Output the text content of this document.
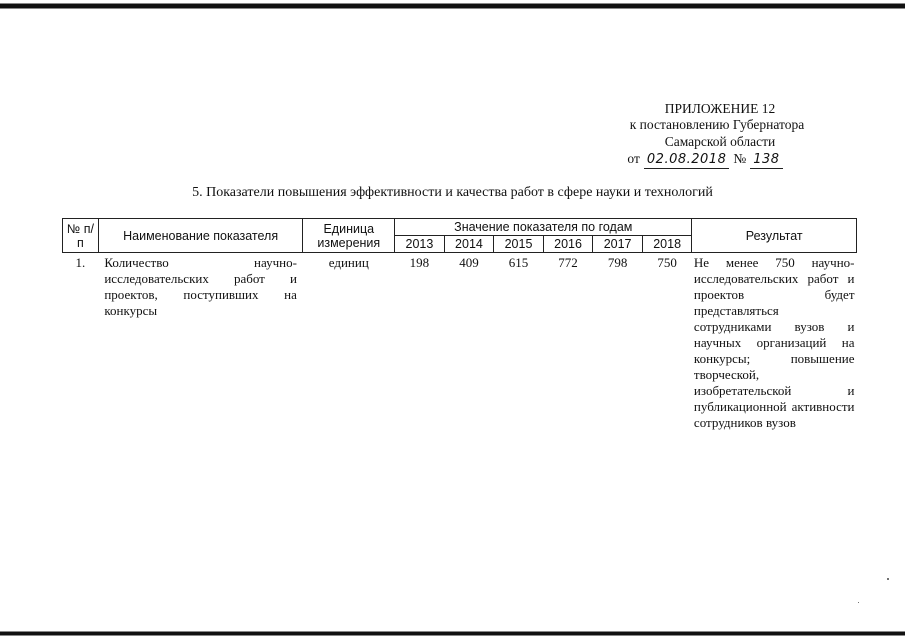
ПРИЛОЖЕНИЕ 12
к постановлению Губернатора
Самарской области
от 02.08.2018 № 138
5. Показатели повышения эффективности и качества работ в сфере науки и технологий
№ п/п	Наименование показателя	Единица измерения	Значение показателя по годам						Результат
			2013	2014	2015	2016	2017	2018	
1.	Количество научно-исследовательских работ и проектов, поступивших на конкурсы	единиц	198	409	615	772	798	750	Не менее 750 научно-исследовательских работ и проектов будет представляться сотрудниками вузов и научных организаций на конкурсы; повышение творческой, изобретательской и публикационной активности сотрудников вузов
